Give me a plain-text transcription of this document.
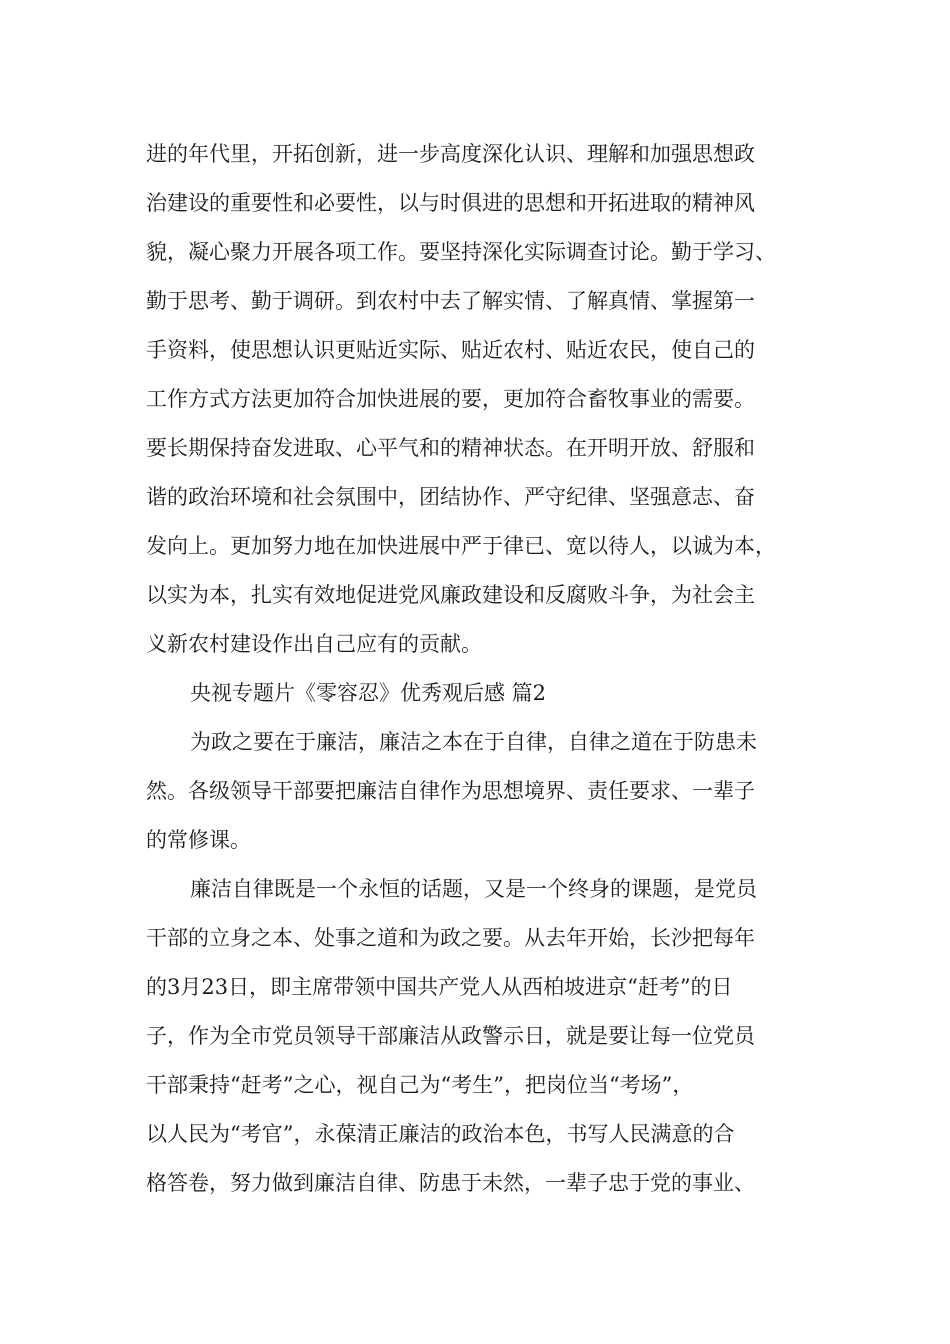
进的年代里，开拓创新，进一步高度深化认识、理解和加强思想政
治建设的重要性和必要性，以与时俱进的思想和开拓进取的精神风
貌，凝心聚力开展各项工作。要坚持深化实际调查讨论。勤于学习、
勤于思考、勤于调研。到农村中去了解实情、了解真情、掌握第一
手资料，使思想认识更贴近实际、贴近农村、贴近农民，使自己的
工作方式方法更加符合加快进展的要，更加符合畜牧事业的需要。
要长期保持奋发进取、心平气和的精神状态。在开明开放、舒服和
谐的政治环境和社会氛围中，团结协作、严守纪律、坚强意志、奋
发向上。更加努力地在加快进展中严于律已、宽以待人，以诚为本，
以实为本，扎实有效地促进党风廉政建设和反腐败斗争，为社会主
义新农村建设作出自己应有的贡献。
央视专题片《零容忍》优秀观后感 篇2
为政之要在于廉洁，廉洁之本在于自律，自律之道在于防患未
然。各级领导干部要把廉洁自律作为思想境界、责任要求、一辈子
的常修课。
廉洁自律既是一个永恒的话题，又是一个终身的课题，是党员
干部的立身之本、处事之道和为政之要。从去年开始，长沙把每年
的3月23日，即主席带领中国共产党人从西柏坡进京“赶考”的日
子，作为全市党员领导干部廉洁从政警示日，就是要让每一位党员
干部秉持“赶考”之心，视自己为“考生”，把岗位当“考场”，
以人民为“考官”，永葆清正廉洁的政治本色，书写人民满意的合
格答卷，努力做到廉洁自律、防患于未然，一辈子忠于党的事业、
